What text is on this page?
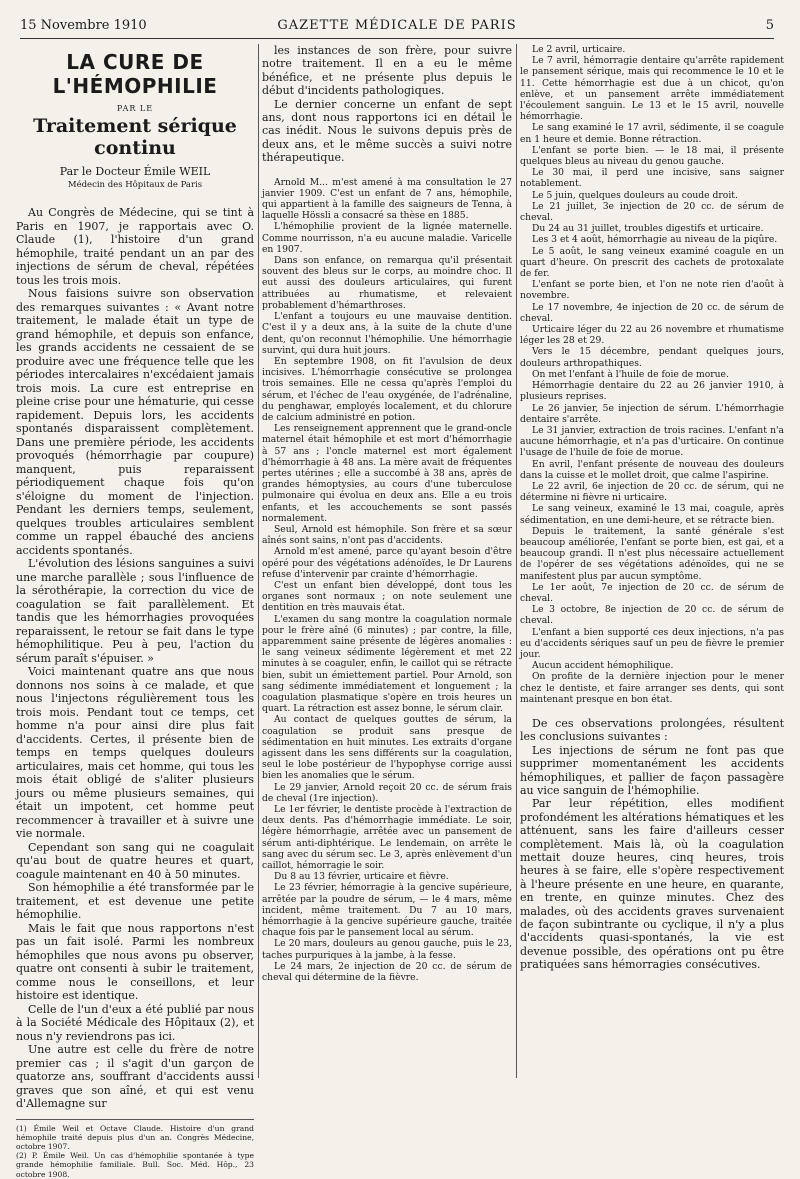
15 Novembre 1910	GAZETTE MÉDICALE DE PARIS	5
LA CURE DE L'HÉMOPHILIE
PAR LE
Traitement sérique continu
Par le Docteur Émile WEIL
Médecin des Hôpitaux de Paris

Au Congrès de Médecine, qui se tint à Paris en 1907, je rapportais avec O. Claude (1), l'histoire d'un grand hémophile, traité pendant un an par des injections de sérum de cheval, répétées tous les trois mois.

Nous faisions suivre son observation des remarques suivantes : « Avant notre traitement, le malade était un type de grand hémophile, et depuis son enfance, les grands accidents ne cessaient de se produire avec une fréquence telle que les périodes intercalaires n'excédaient jamais trois mois. La cure est entreprise en pleine crise pour une hématurie, qui cesse rapidement. Depuis lors, les accidents spontanés disparaissent complètement. Dans une première période, les accidents provoqués (hémorrhagie par coupure) manquent, puis reparaissent périodiquement chaque fois qu'on s'éloigne du moment de l'injection. Pendant les derniers temps, seulement, quelques troubles articulaires semblent comme un rappel ébauché des anciens accidents spontanés.

L'évolution des lésions sanguines a suivi une marche parallèle ; sous l'influence de la sérothérapie, la correction du vice de coagulation se fait parallèlement. Et tandis que les hémorrhagies provoquées reparaissent, le retour se fait dans le type hémophilitique. Peu à peu, l'action du sérum paraît s'épuiser. »

Voici maintenant quatre ans que nous donnons nos soins à ce malade, et que nous l'injectons régulièrement tous les trois mois. Pendant tout ce temps, cet homme n'a pour ainsi dire plus fait d'accidents. Certes, il présente bien de temps en temps quelques douleurs articulaires, mais cet homme, qui tous les mois était obligé de s'aliter plusieurs jours ou même plusieurs semaines, qui était un impotent, cet homme peut recommencer à travailler et à suivre une vie normale.

Cependant son sang qui ne coagulait qu'au bout de quatre heures et quart, coagule maintenant en 40 à 50 minutes.

Son hémophilie a été transformée par le traitement, et est devenue une petite hémophilie.

Mais le fait que nous rapportons n'est pas un fait isolé. Parmi les nombreux hémophiles que nous avons pu observer, quatre ont consenti à subir le traitement, comme nous le conseillons, et leur histoire est identique.

Celle de l'un d'eux a été publié par nous à la Société Médicale des Hôpitaux (2), et nous n'y reviendrons pas ici.

Une autre est celle du frère de notre premier cas ; il s'agit d'un garçon de quatorze ans, souffrant d'accidents aussi graves que son aîné, et qui est venu d'Allemagne sur

(1) Émile Weil et Octave Claude. Histoire d'un grand hémophile traité depuis plus d'un an. Congrès Médecine, octobre 1907.

(2) P. Émile Weil. Un cas d'hémophilie spontanée à type grande hémophilie familiale. Bull. Soc. Méd. Hôp., 23 octobre 1908.

les instances de son frère, pour suivre notre traitement. Il en a eu le même bénéfice, et ne présente plus depuis le début d'incidents pathologiques.

Le dernier concerne un enfant de sept ans, dont nous rapportons ici en détail le cas inédit. Nous le suivons depuis près de deux ans, et le même succès a suivi notre thérapeutique.

Arnold M... m'est amené à ma consultation le 27 janvier 1909. C'est un enfant de 7 ans, hémophile, qui appartient à la famille des saigneurs de Tenna, à laquelle Hössli a consacré sa thèse en 1885.

L'hémophilie provient de la lignée maternelle. Comme nourrisson, n'a eu aucune maladie. Varicelle en 1907.

Dans son enfance, on remarqua qu'il présentait souvent des bleus sur le corps, au moindre choc. Il eut aussi des douleurs articulaires, qui furent attribuées au rhumatisme, et relevaient probablement d'hémarthroses.

L'enfant a toujours eu une mauvaise dentition. C'est il y a deux ans, à la suite de la chute d'une dent, qu'on reconnut l'hémophilie. Une hémorrhagie survint, qui dura huit jours.

En septembre 1908, on fit l'avulsion de deux incisives. L'hémorrhagie consécutive se prolongea trois semaines. Elle ne cessa qu'après l'emploi du sérum, et l'échec de l'eau oxygénée, de l'adrénaline, du penghawar, employés localement, et du chlorure de calcium administré en potion.

Les renseignement apprennent que le grand-oncle maternel était hémophile et est mort d'hémorrhagie à 57 ans ; l'oncle maternel est mort également d'hémorrhagie à 48 ans. La mère avait de fréquentes pertes utérines ; elle a succombé à 38 ans, après de grandes hémoptysies, au cours d'une tuberculose pulmonaire qui évolua en deux ans. Elle a eu trois enfants, et les accouchements se sont passés normalement.

Seul, Arnold est hémophile. Son frère et sa sœur aînés sont sains, n'ont pas d'accidents.

Arnold m'est amené, parce qu'ayant besoin d'être opéré pour des végétations adénoïdes, le Dr Laurens refuse d'intervenir par crainte d'hémorrhagie.

C'est un enfant bien développé, dont tous les organes sont normaux ; on note seulement une dentition en très mauvais état.

L'examen du sang montre la coagulation normale pour le frère aîné (6 minutes) ; par contre, la fille, apparemment saine présente de légères anomalies : le sang veineux sédimente légèrement et met 22 minutes à se coaguler, enfin, le caillot qui se rétracte bien, subit un émiettement partiel. Pour Arnold, son sang sédimente immédiatement et longuement ; la coagulation plasmatique s'opère en trois heures un quart. La rétraction est assez bonne, le sérum clair.

Au contact de quelques gouttes de sérum, la coagulation se produit sans presque de sédimentation en huit minutes. Les extraits d'organe agissent dans les sens différents sur la coagulation, seul le lobe postérieur de l'hypophyse corrige aussi bien les anomalies que le sérum.

Le 29 janvier, Arnold reçoit 20 cc. de sérum frais de cheval (1re injection).

Le 1er février, le dentiste procède à l'extraction de deux dents. Pas d'hémorrhagie immédiate. Le soir, légère hémorrhagie, arrêtée avec un pansement de sérum anti-diphtérique. Le lendemain, on arrête le sang avec du sérum sec. Le 3, après enlèvement d'un caillot, hémorragie le soir.

Du 8 au 13 février, urticaire et fièvre.

Le 23 février, hémorragie à la gencive supérieure, arrêtée par la poudre de sérum, — le 4 mars, même incident, même traitement. Du 7 au 10 mars, hémorrhagie à la gencive supérieure gauche, traitée chaque fois par le pansement local au sérum.

Le 20 mars, douleurs au genou gauche, puis le 23, taches purpuriques à la jambe, à la fesse.

Le 24 mars, 2e injection de 20 cc. de sérum de cheval qui détermine de la fièvre.

Le 2 avril, urticaire.

Le 7 avril, hémorragie dentaire qu'arrête rapidement le pansement sérique, mais qui recommence le 10 et le 11. Cette hémorrhagie est due à un chicot, qu'on enlève, et un pansement arrête immédiatement l'écoulement sanguin. Le 13 et le 15 avril, nouvelle hémorrhagie.

Le sang examiné le 17 avril, sédimente, il se coagule en 1 heure et demie. Bonne rétraction.

L'enfant se porte bien. — le 18 mai, il présente quelques bleus au niveau du genou gauche.

Le 30 mai, il perd une incisive, sans saigner notablement.

Le 5 juin, quelques douleurs au coude droit.

Le 21 juillet, 3e injection de 20 cc. de sérum de cheval.

Du 24 au 31 juillet, troubles digestifs et urticaire.

Les 3 et 4 août, hémorrhagie au niveau de la piqûre.

Le 5 août, le sang veineux examiné coagule en un quart d'heure. On prescrit des cachets de protoxalate de fer.

L'enfant se porte bien, et l'on ne note rien d'août à novembre.

Le 17 novembre, 4e injection de 20 cc. de sérum de cheval.

Urticaire léger du 22 au 26 novembre et rhumatisme léger les 28 et 29.

Vers le 15 décembre, pendant quelques jours, douleurs arthropathiques.

On met l'enfant à l'huile de foie de morue.

Hémorrhagie dentaire du 22 au 26 janvier 1910, à plusieurs reprises.

Le 26 janvier, 5e injection de sérum. L'hémorrhagie dentaire s'arrête.

Le 31 janvier, extraction de trois racines. L'enfant n'a aucune hémorrhagie, et n'a pas d'urticaire. On continue l'usage de l'huile de foie de morue.

En avril, l'enfant présente de nouveau des douleurs dans la cuisse et le mollet droit, que calme l'aspirine.

Le 22 avril, 6e injection de 20 cc. de sérum, qui ne détermine ni fièvre ni urticaire.

Le sang veineux, examiné le 13 mai, coagule, après sédimentation, en une demi-heure, et se rétracte bien.

Depuis le traitement, la santé générale s'est beaucoup améliorée, l'enfant se porte bien, est gai, et a beaucoup grandi. Il n'est plus nécessaire actuellement de l'opérer de ses végétations adénoïdes, qui ne se manifestent plus par aucun symptôme.

Le 1er août, 7e injection de 20 cc. de sérum de cheval.

Le 3 octobre, 8e injection de 20 cc. de sérum de cheval.

L'enfant a bien supporté ces deux injections, n'a pas eu d'accidents sériques sauf un peu de fièvre le premier jour.

Aucun accident hémophilique.

On profite de la dernière injection pour le mener chez le dentiste, et faire arranger ses dents, qui sont maintenant presque en bon état.

De ces observations prolongées, résultent les conclusions suivantes :

Les injections de sérum ne font pas que supprimer momentanément les accidents hémophiliques, et pallier de façon passagère au vice sanguin de l'hémophilie.

Par leur répétition, elles modifient profondément les altérations hématiques et les atténuent, sans les faire d'ailleurs cesser complètement. Mais là, où la coagulation mettait douze heures, cinq heures, trois heures à se faire, elle s'opère respectivement à l'heure présente en une heure, en quarante, en trente, en quinze minutes. Chez des malades, où des accidents graves survenaient de façon subintrante ou cyclique, il n'y a plus d'accidents quasi-spontanés, la vie est devenue possible, des opérations ont pu être pratiquées sans hémorragies consécutives.
